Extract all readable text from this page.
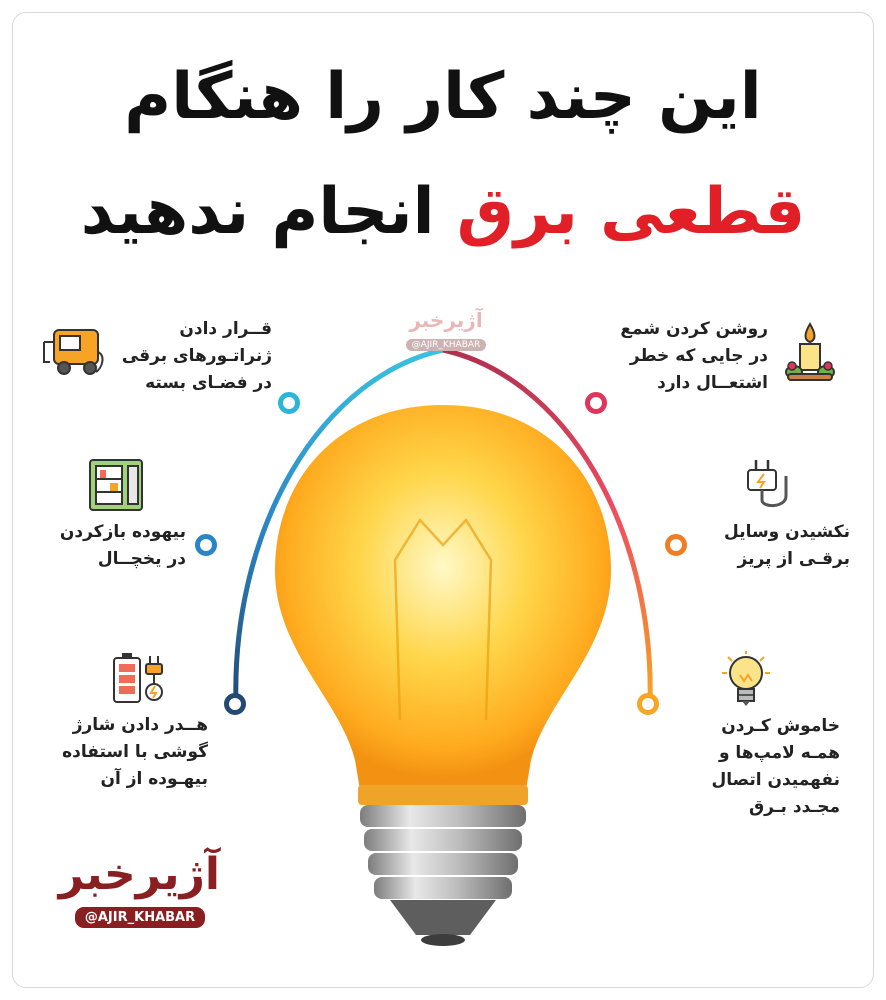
این چند کار را هنگام
قطعی برق انجام ندهید
آژیرخبر
@AJIR_KHABAR
قــرار دادن
ژنراتـورهای برقی
در فضـای بسته
بیهوده بازکردن
در یخچــال
هــدر دادن شارژ
گوشی با استفاده
بیهـوده از آن
روشن کردن شمع
در جایی که خطر
اشتعــال دارد
نکشیدن وسایل
برقـی از پریز
خاموش کـردن
همـه لامپ‌ها و
نفهمیدن اتصال
مجـدد بـرق
آژیرخبر
@AJIR_KHABAR
